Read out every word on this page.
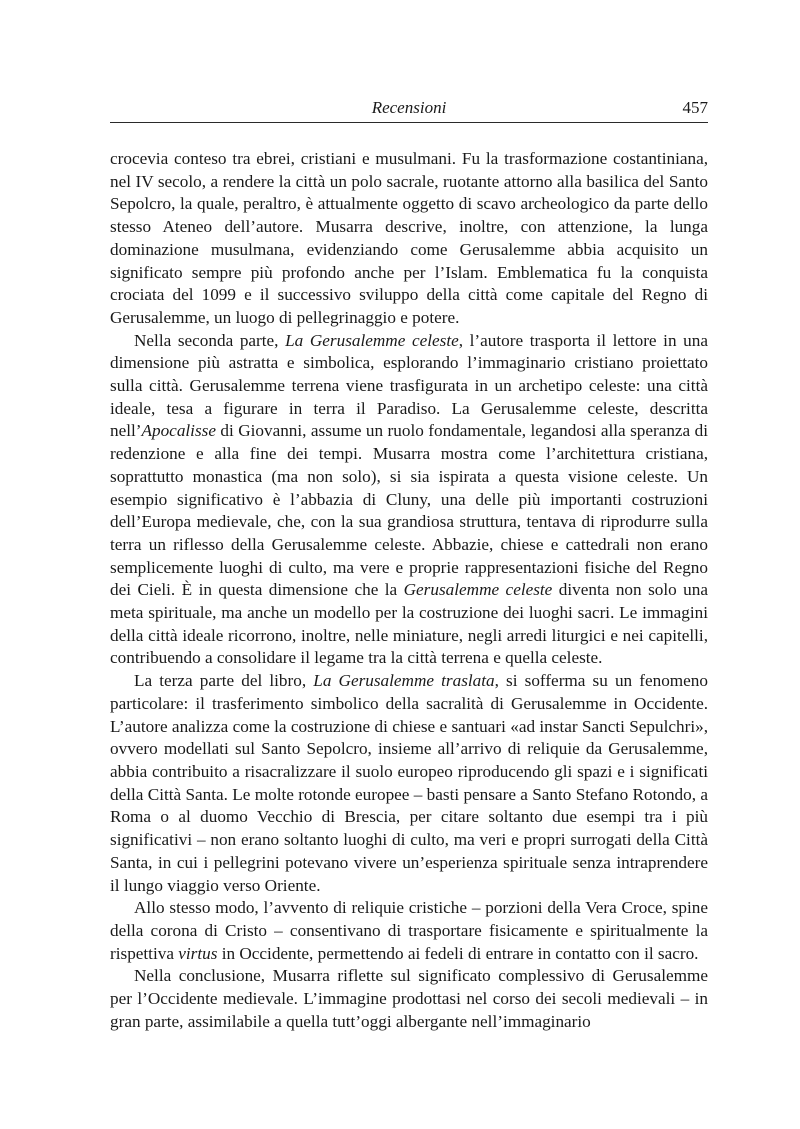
Recensioni	457

crocevia conteso tra ebrei, cristiani e musulmani. Fu la trasformazione costantiniana, nel IV secolo, a rendere la città un polo sacrale, ruotante attorno alla basilica del Santo Sepolcro, la quale, peraltro, è attualmente oggetto di scavo archeologico da parte dello stesso Ateneo dell’autore. Musarra descrive, inoltre, con attenzione, la lunga dominazione musulmana, evidenziando come Gerusalemme abbia acquisito un significato sempre più profondo anche per l’Islam. Emblematica fu la conquista crociata del 1099 e il successivo sviluppo della città come capitale del Regno di Gerusalemme, un luogo di pellegrinaggio e potere.

Nella seconda parte, La Gerusalemme celeste, l’autore trasporta il lettore in una dimensione più astratta e simbolica, esplorando l’immaginario cristiano proiettato sulla città. Gerusalemme terrena viene trasfigurata in un archetipo celeste: una città ideale, tesa a figurare in terra il Paradiso. La Gerusalemme celeste, descritta nell’Apocalisse di Giovanni, assume un ruolo fondamentale, legandosi alla speranza di redenzione e alla fine dei tempi. Musarra mostra come l’architettura cristiana, soprattutto monastica (ma non solo), si sia ispirata a questa visione celeste. Un esempio significativo è l’abbazia di Cluny, una delle più importanti costruzioni dell’Europa medievale, che, con la sua grandiosa struttura, tentava di riprodurre sulla terra un riflesso della Gerusalemme celeste. Abbazie, chiese e cattedrali non erano semplicemente luoghi di culto, ma vere e proprie rappresentazioni fisiche del Regno dei Cieli. È in questa dimensione che la Gerusalemme celeste diventa non solo una meta spirituale, ma anche un modello per la costruzione dei luoghi sacri. Le immagini della città ideale ricorrono, inoltre, nelle miniature, negli arredi liturgici e nei capitelli, contribuendo a consolidare il legame tra la città terrena e quella celeste.

La terza parte del libro, La Gerusalemme traslata, si sofferma su un fenomeno particolare: il trasferimento simbolico della sacralità di Gerusalemme in Occidente. L’autore analizza come la costruzione di chiese e santuari «ad instar Sancti Sepulchri», ovvero modellati sul Santo Sepolcro, insieme all’arrivo di reliquie da Gerusalemme, abbia contribuito a risacralizzare il suolo europeo riproducendo gli spazi e i significati della Città Santa. Le molte rotonde europee – basti pensare a Santo Stefano Rotondo, a Roma o al duomo Vecchio di Brescia, per citare soltanto due esempi tra i più significativi – non erano soltanto luoghi di culto, ma veri e propri surrogati della Città Santa, in cui i pellegrini potevano vivere un’esperienza spirituale senza intraprendere il lungo viaggio verso Oriente.

Allo stesso modo, l’avvento di reliquie cristiche – porzioni della Vera Croce, spine della corona di Cristo – consentivano di trasportare fisicamente e spiritualmente la rispettiva virtus in Occidente, permettendo ai fedeli di entrare in contatto con il sacro.

Nella conclusione, Musarra riflette sul significato complessivo di Gerusalemme per l’Occidente medievale. L’immagine prodottasi nel corso dei secoli medievali – in gran parte, assimilabile a quella tutt’oggi albergante nell’immaginario
